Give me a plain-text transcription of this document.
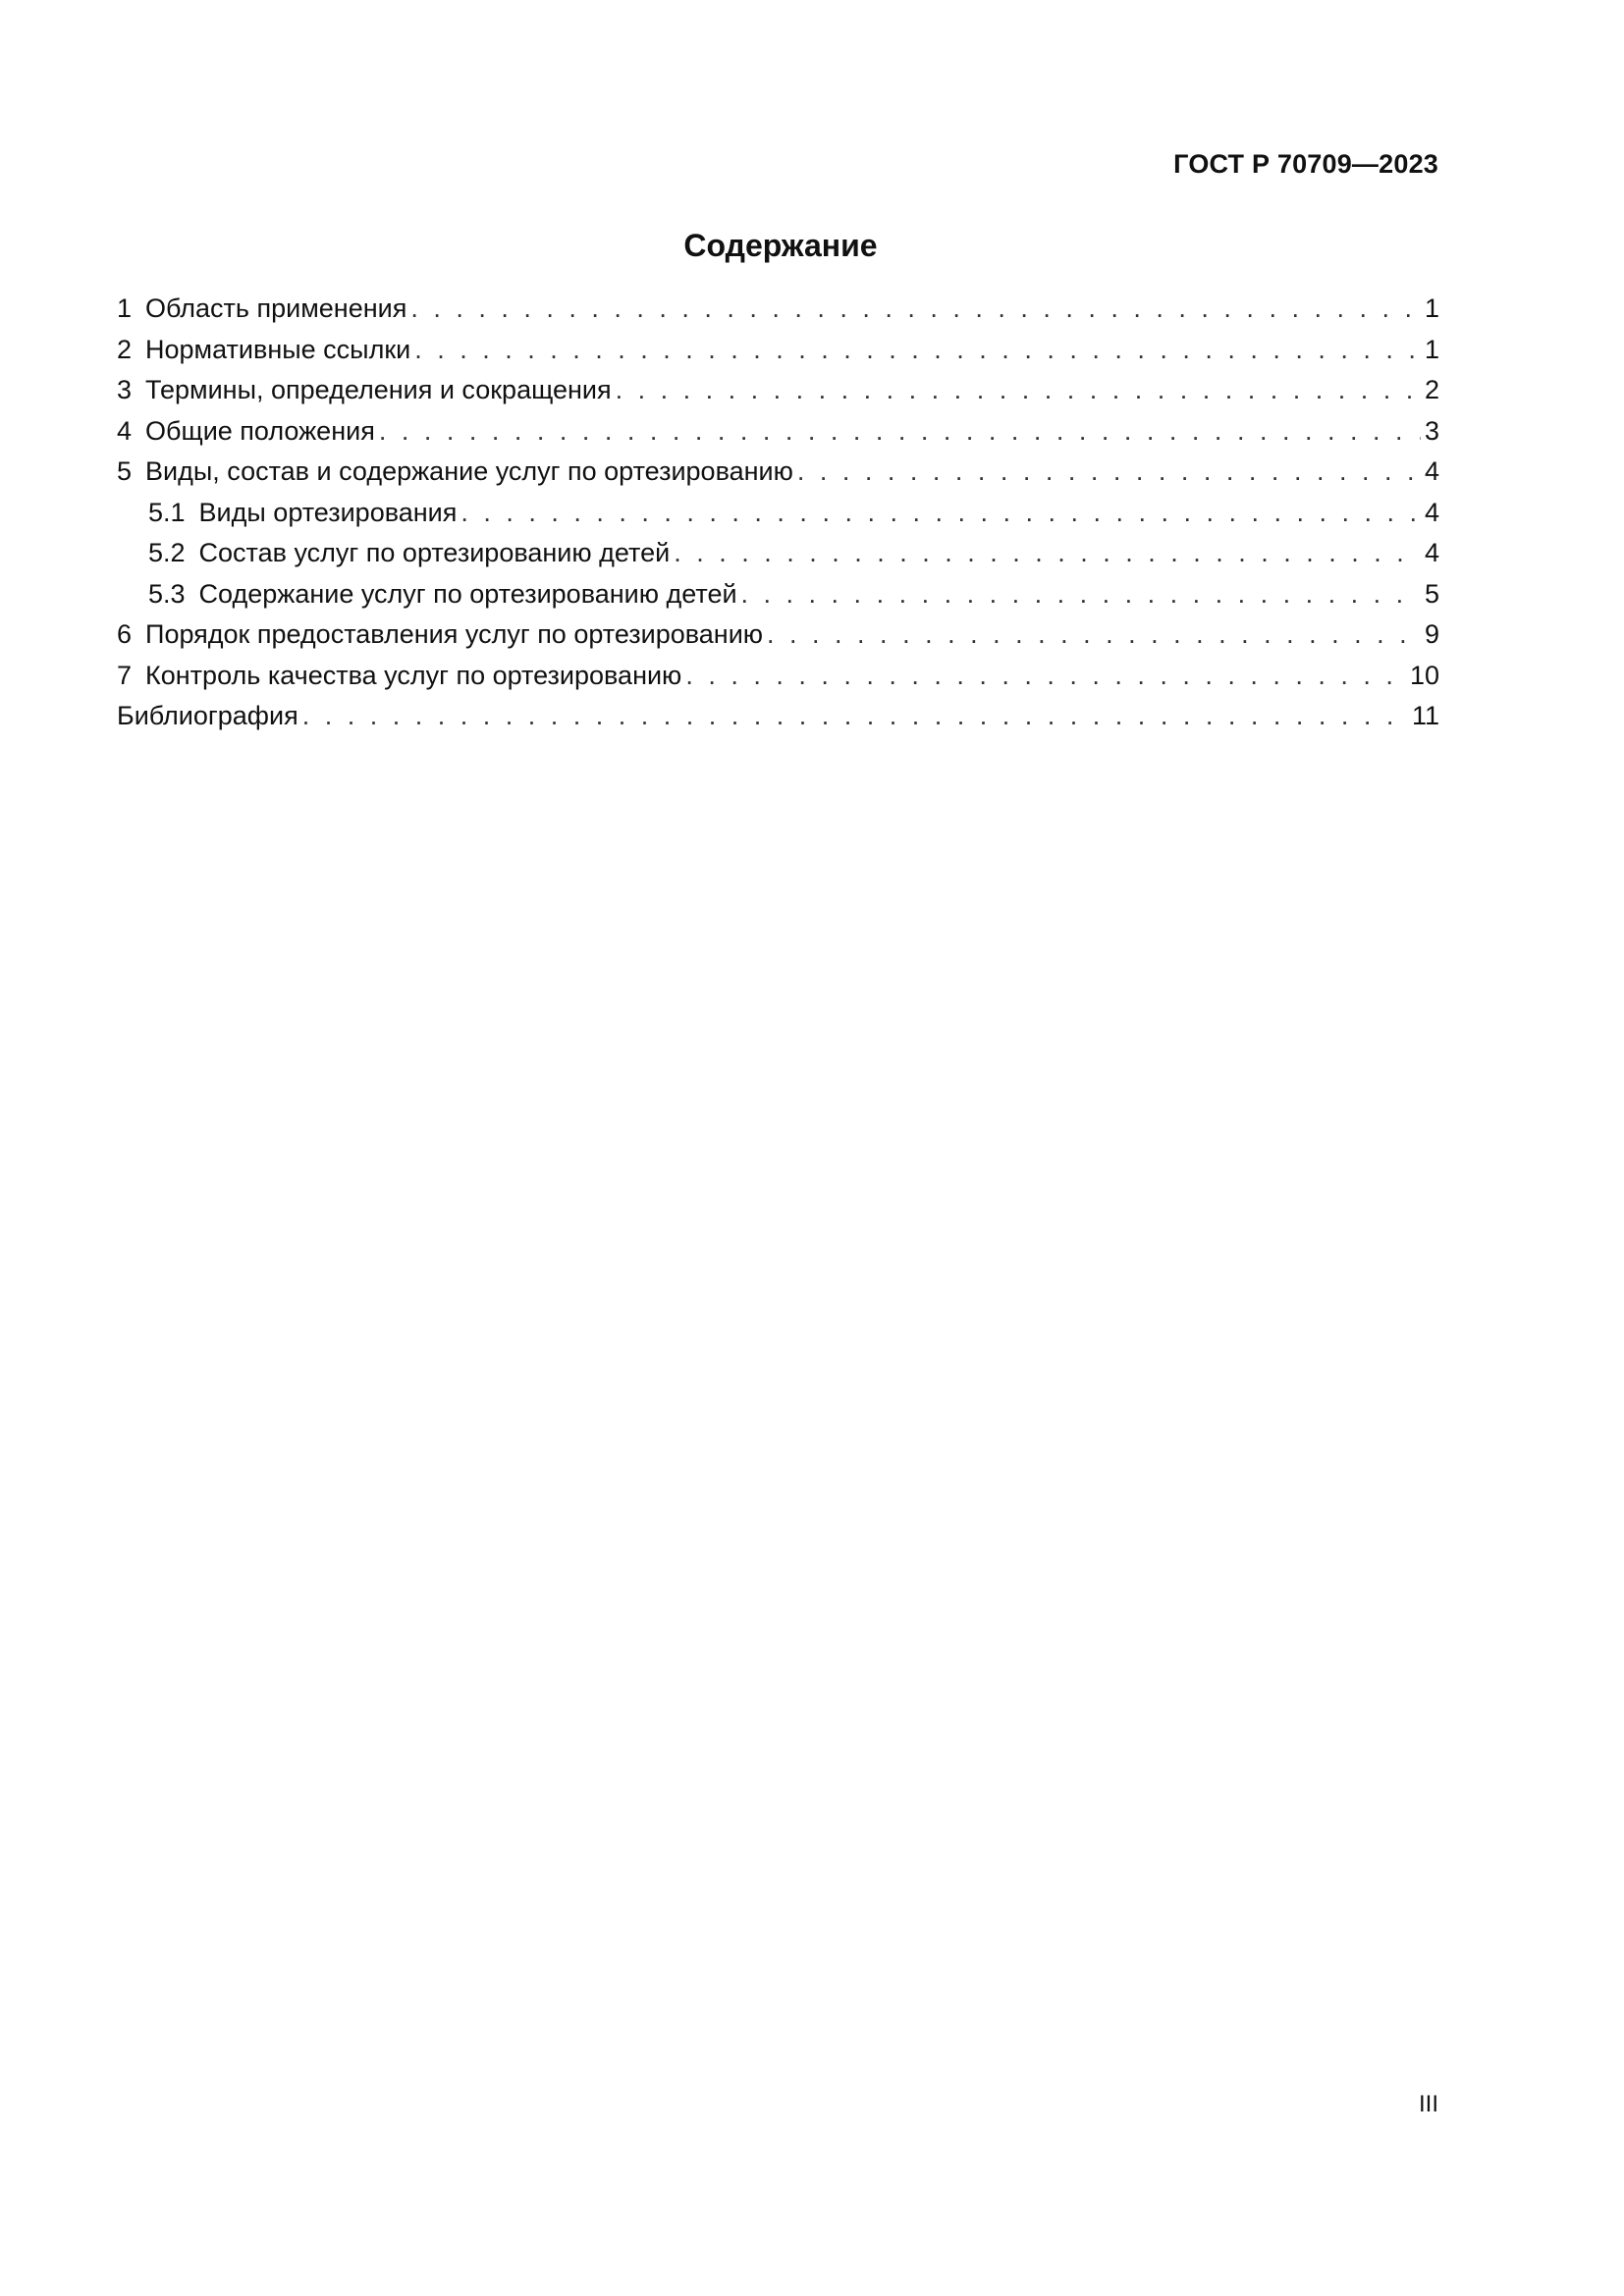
ГОСТ Р 70709—2023
Содержание
1 Область применения . . .	1
2 Нормативные ссылки . . .	1
3 Термины, определения и сокращения . . .	2
4 Общие положения . . .	3
5 Виды, состав и содержание услуг по ортезированию . . .	4
5.1 Виды ортезирования . . .	4
5.2 Состав услуг по ортезированию детей . . .	4
5.3 Содержание услуг по ортезированию детей . . .	5
6 Порядок предоставления услуг по ортезированию . . .	9
7 Контроль качества услуг по ортезированию . . .	10
Библиография . . .	11
III
